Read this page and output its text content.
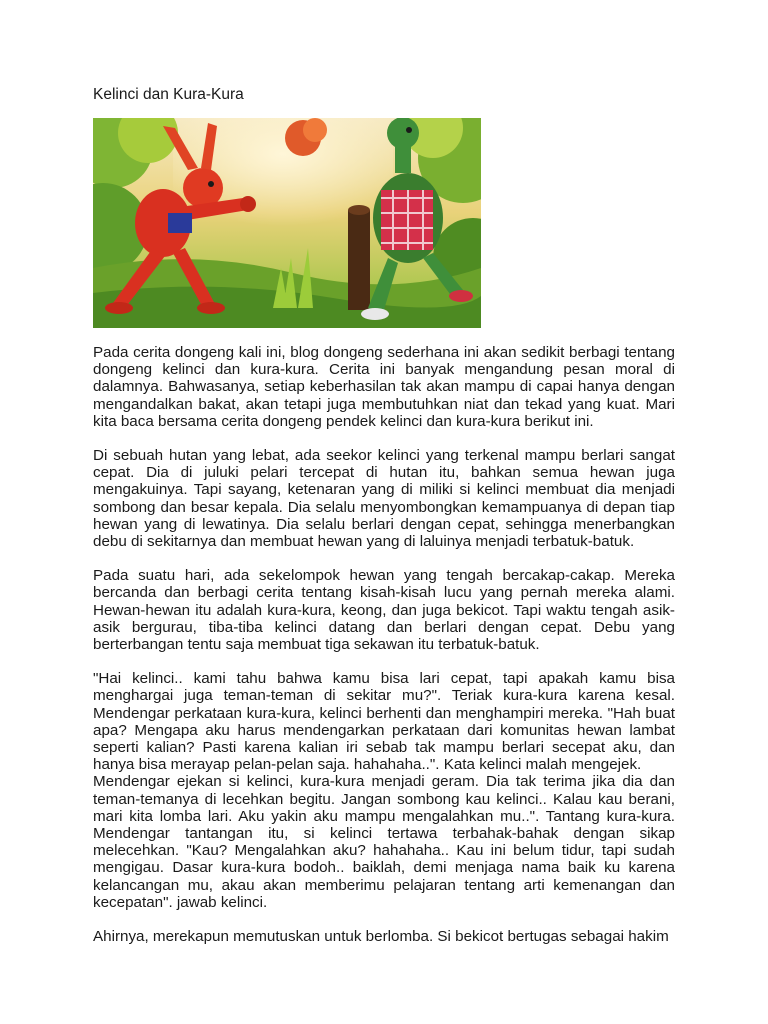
Kelinci dan Kura-Kura

Pada cerita dongeng kali ini, blog dongeng sederhana ini akan sedikit berbagi tentang dongeng kelinci dan kura-kura. Cerita ini banyak mengandung pesan moral di dalamnya. Bahwasanya, setiap keberhasilan tak akan mampu di capai hanya dengan mengandalkan bakat, akan tetapi juga membutuhkan niat dan tekad yang kuat. Mari kita baca bersama cerita dongeng pendek kelinci dan kura-kura berikut ini.

Di sebuah hutan yang lebat, ada seekor kelinci yang terkenal mampu berlari sangat cepat. Dia di juluki pelari tercepat di hutan itu, bahkan semua hewan juga mengakuinya. Tapi sayang, ketenaran yang di miliki si kelinci membuat dia menjadi sombong dan besar kepala. Dia selalu menyombongkan kemampuanya di depan tiap hewan yang di lewatinya. Dia selalu berlari dengan cepat, sehingga menerbangkan debu di sekitarnya dan membuat hewan yang di laluinya menjadi terbatuk-batuk.

Pada suatu hari, ada sekelompok hewan yang tengah bercakap-cakap. Mereka bercanda dan berbagi cerita tentang kisah-kisah lucu yang pernah mereka alami. Hewan-hewan itu adalah kura-kura, keong, dan juga bekicot. Tapi waktu tengah asik-asik bergurau, tiba-tiba kelinci datang dan berlari dengan cepat. Debu yang berterbangan tentu saja membuat tiga sekawan itu terbatuk-batuk.

"Hai kelinci.. kami tahu bahwa kamu bisa lari cepat, tapi apakah kamu bisa menghargai juga teman-teman di sekitar mu?". Teriak kura-kura karena kesal. Mendengar perkataan kura-kura, kelinci berhenti dan menghampiri mereka. "Hah buat apa? Mengapa aku harus mendengarkan perkataan dari komunitas hewan lambat seperti kalian? Pasti karena kalian iri sebab tak mampu berlari secepat aku, dan hanya bisa merayap pelan-pelan saja. hahahaha..". Kata kelinci malah mengejek.

Mendengar ejekan si kelinci, kura-kura menjadi geram. Dia tak terima jika dia dan teman-temanya di lecehkan begitu. Jangan sombong kau kelinci.. Kalau kau berani, mari kita lomba lari. Aku yakin aku mampu mengalahkan mu..". Tantang kura-kura. Mendengar tantangan itu, si kelinci tertawa terbahak-bahak dengan sikap melecehkan. "Kau? Mengalahkan aku? hahahaha.. Kau ini belum tidur, tapi sudah mengigau. Dasar kura-kura bodoh.. baiklah, demi menjaga nama baik ku karena kelancangan mu, akau akan memberimu pelajaran tentang arti kemenangan dan kecepatan". jawab kelinci.

Ahirnya, merekapun memutuskan untuk berlomba. Si bekicot bertugas sebagai hakim
